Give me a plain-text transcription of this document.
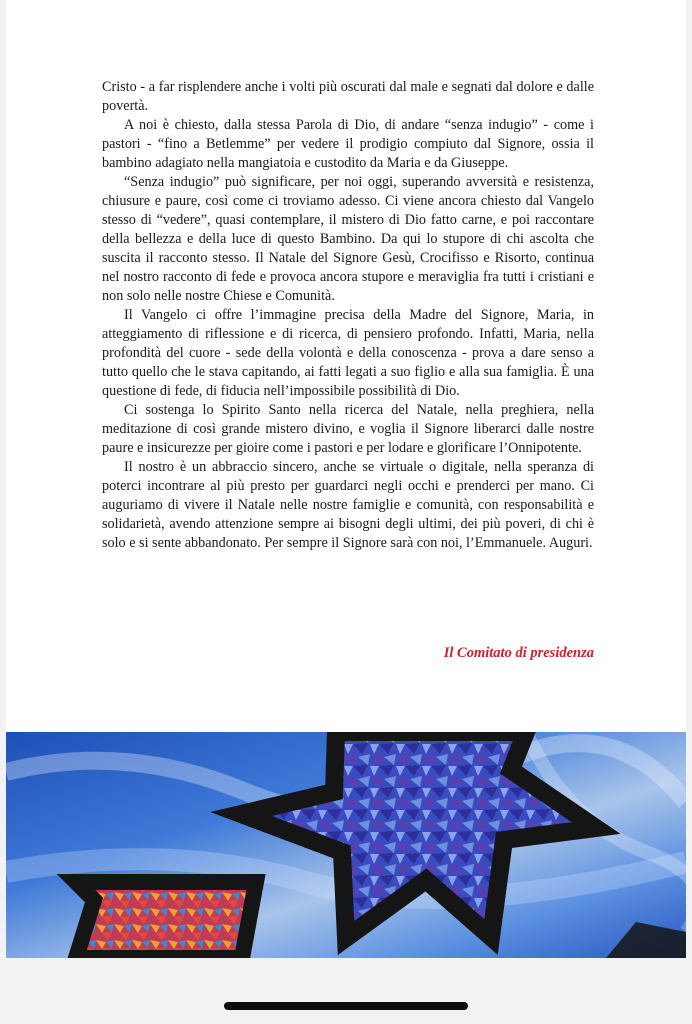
Cristo - a far risplendere anche i volti più oscurati dal male e segnati dal dolore e dalle povertà.

A noi è chiesto, dalla stessa Parola di Dio, di andare “senza indugio” - come i pastori - “fino a Betlemme” per vedere il prodigio compiuto dal Signore, ossia il bambino adagiato nella mangiatoia e custodito da Maria e da Giuseppe.

“Senza indugio” può significare, per noi oggi, superando avversità e resistenza, chiusure e paure, così come ci troviamo adesso. Ci viene ancora chiesto dal Vangelo stesso di “vedere”, quasi contemplare, il mistero di Dio fatto carne, e poi raccontare della bellezza e della luce di questo Bambino. Da qui lo stupore di chi ascolta che suscita il racconto stesso. Il Natale del Signore Gesù, Crocifisso e Risorto, continua nel nostro racconto di fede e provoca ancora stupore e meraviglia fra tutti i cristiani e non solo nelle nostre Chiese e Comunità.

Il Vangelo ci offre l’immagine precisa della Madre del Signore, Maria, in atteggiamento di riflessione e di ricerca, di pensiero profondo. Infatti, Maria, nella profondità del cuore - sede della volontà e della conoscenza - prova a dare senso a tutto quello che le stava capitando, ai fatti legati a suo figlio e alla sua famiglia. È una questione di fede, di fiducia nell’impossibile possibilità di Dio.

Ci sostenga lo Spirito Santo nella ricerca del Natale, nella preghiera, nella meditazione di così grande mistero divino, e voglia il Signore liberarci dalle nostre paure e insicurezze per gioire come i pastori e per lodare e glorificare l’Onnipotente.

Il nostro è un abbraccio sincero, anche se virtuale o digitale, nella speranza di poterci incontrare al più presto per guardarci negli occhi e prenderci per mano. Ci auguriamo di vivere il Natale nelle nostre famiglie e comunità, con responsabilità e solidarietà, avendo attenzione sempre ai bisogni degli ultimi, dei più poveri, di chi è solo e si sente abbandonato. Per sempre il Signore sarà con noi, l’Emmanuele. Auguri.

Il Comitato di presidenza
